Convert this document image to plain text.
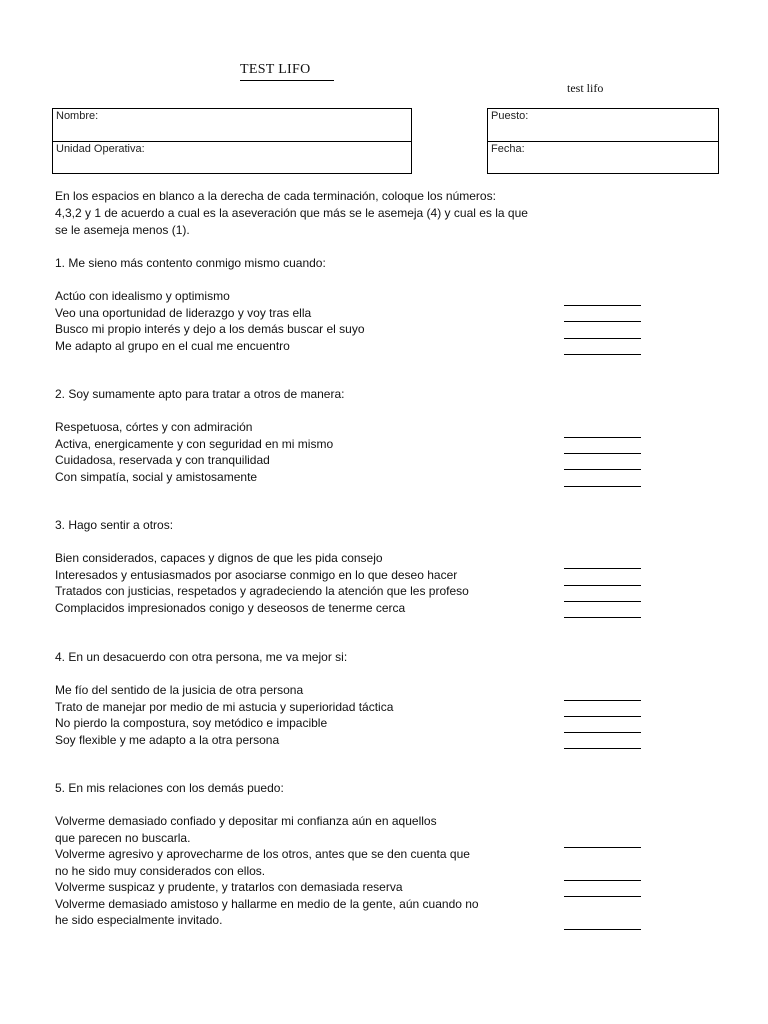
TEST LIFO
test lifo
Nombre:
Unidad Operativa:
Puesto:
Fecha:
En los espacios en blanco a la derecha de cada terminación, coloque los números:
4,3,2 y 1 de acuerdo a cual es la aseveración que más se le asemeja (4) y cual es la que
se le asemeja menos (1).
1. Me sieno más contento conmigo mismo cuando:
Actúo con idealismo y optimismo
Veo una oportunidad de liderazgo y voy tras ella
Busco mi propio interés y dejo a los demás buscar el suyo
Me adapto al grupo en el cual me encuentro
2. Soy sumamente apto para tratar a otros de manera:
Respetuosa, córtes y con admiración
Activa, energicamente y con seguridad en mi mismo
Cuidadosa, reservada y con tranquilidad
Con simpatía, social y amistosamente
3. Hago sentir a otros:
Bien considerados, capaces y dignos de que les pida consejo
Interesados y entusiasmados por asociarse conmigo en lo que deseo hacer
Tratados con justicias, respetados y agradeciendo la atención que les profeso
Complacidos impresionados conigo y deseosos de tenerme cerca
4. En un desacuerdo con otra persona, me va mejor si:
Me fío del sentido de la jusicia de otra persona
Trato de manejar por medio de mi astucia y superioridad táctica
No pierdo la compostura, soy metódico e impacible
Soy flexible y me adapto a la otra persona
5. En mis relaciones con los demás puedo:
Volverme demasiado confiado y depositar mi confianza aún en aquellos
que parecen no buscarla.
Volverme agresivo y aprovecharme de los otros, antes que se den cuenta que
no he sido muy considerados con ellos.
Volverme suspicaz y prudente, y tratarlos con demasiada reserva
Volverme demasiado amistoso y hallarme en medio de la gente, aún cuando no
he sido especialmente invitado.
